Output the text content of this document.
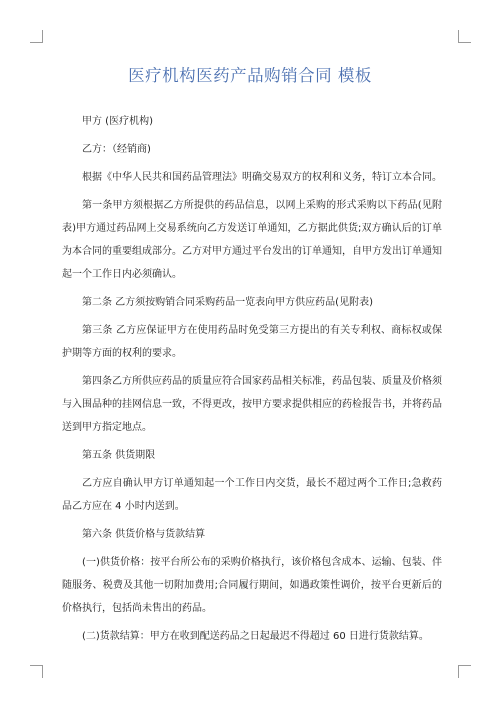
医疗机构医药产品购销合同 模板

甲方 (医疗机构)

乙方：（经销商)

根据《中华人民共和国药品管理法》明确交易双方的权利和义务，特订立本合同。

第一条甲方须根据乙方所提供的药品信息，以网上采购的形式采购以下药品(见附表)甲方通过药品网上交易系统向乙方发送订单通知，乙方据此供货;双方确认后的订单为本合同的重要组成部分。乙方对甲方通过平台发出的订单通知，自甲方发出订单通知起一个工作日内必须确认。

第二条 乙方须按购销合同采购药品一览表向甲方供应药品(见附表)

第三条 乙方应保证甲方在使用药品时免受第三方提出的有关专利权、商标权或保护期等方面的权利的要求。

第四条乙方所供应药品的质量应符合国家药品相关标准，药品包装、质量及价格须与入围品种的挂网信息一致，不得更改，按甲方要求提供相应的药检报告书，并将药品送到甲方指定地点。

第五条 供货期限

乙方应自确认甲方订单通知起一个工作日内交货，最长不超过两个工作日;急救药品乙方应在 4 小时内送到。

第六条 供货价格与货款结算

(一)供货价格：按平台所公布的采购价格执行，该价格包含成本、运输、包装、伴随服务、税费及其他一切附加费用;合同履行期间，如遇政策性调价，按平台更新后的价格执行，包括尚未售出的药品。

(二)货款结算：甲方在收到配送药品之日起最迟不得超过 60 日进行货款结算。
